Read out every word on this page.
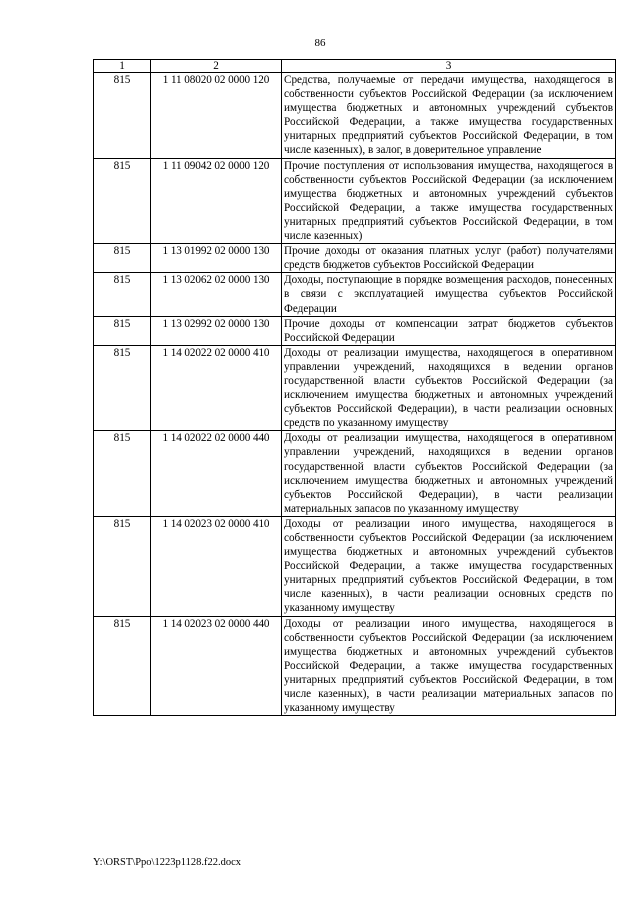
86
1	2	3
815	1 11 08020 02 0000 120	Средства, получаемые от передачи имущества, находящегося в собственности субъектов Российской Федерации (за исключением имущества бюджетных и автономных учреждений субъектов Российской Федерации, а также имущества государственных унитарных предприятий субъектов Российской Федерации, в том числе казенных), в залог, в доверительное управление
815	1 11 09042 02 0000 120	Прочие поступления от использования имущества, находящегося в собственности субъектов Российской Федерации (за исключением имущества бюджетных и автономных учреждений субъектов Российской Федерации, а также имущества государственных унитарных предприятий субъектов Российской Федерации, в том числе казенных)
815	1 13 01992 02 0000 130	Прочие доходы от оказания платных услуг (работ) получателями средств бюджетов субъектов Российской Федерации
815	1 13 02062 02 0000 130	Доходы, поступающие в порядке возмещения расходов, понесенных в связи с эксплуатацией имущества субъектов Российской Федерации
815	1 13 02992 02 0000 130	Прочие доходы от компенсации затрат бюджетов субъектов Российской Федерации
815	1 14 02022 02 0000 410	Доходы от реализации имущества, находящегося в оперативном управлении учреждений, находящихся в ведении органов государственной власти субъектов Российской Федерации (за исключением имущества бюджетных и автономных учреждений субъектов Российской Федерации), в части реализации основных средств по указанному имуществу
815	1 14 02022 02 0000 440	Доходы от реализации имущества, находящегося в оперативном управлении учреждений, находящихся в ведении органов государственной власти субъектов Российской Федерации (за исключением имущества бюджетных и автономных учреждений субъектов Российской Федерации), в части реализации материальных запасов по указанному имуществу
815	1 14 02023 02 0000 410	Доходы от реализации иного имущества, находящегося в собственности субъектов Российской Федерации (за исключением имущества бюджетных и автономных учреждений субъектов Российской Федерации, а также имущества государственных унитарных предприятий субъектов Российской Федерации, в том числе казенных), в части реализации основных средств по указанному имуществу
815	1 14 02023 02 0000 440	Доходы от реализации иного имущества, находящегося в собственности субъектов Российской Федерации (за исключением имущества бюджетных и автономных учреждений субъектов Российской Федерации, а также имущества государственных унитарных предприятий субъектов Российской Федерации, в том числе казенных), в части реализации материальных запасов по указанному имуществу
Y:\ORST\Ppo\1223p1128.f22.docx
